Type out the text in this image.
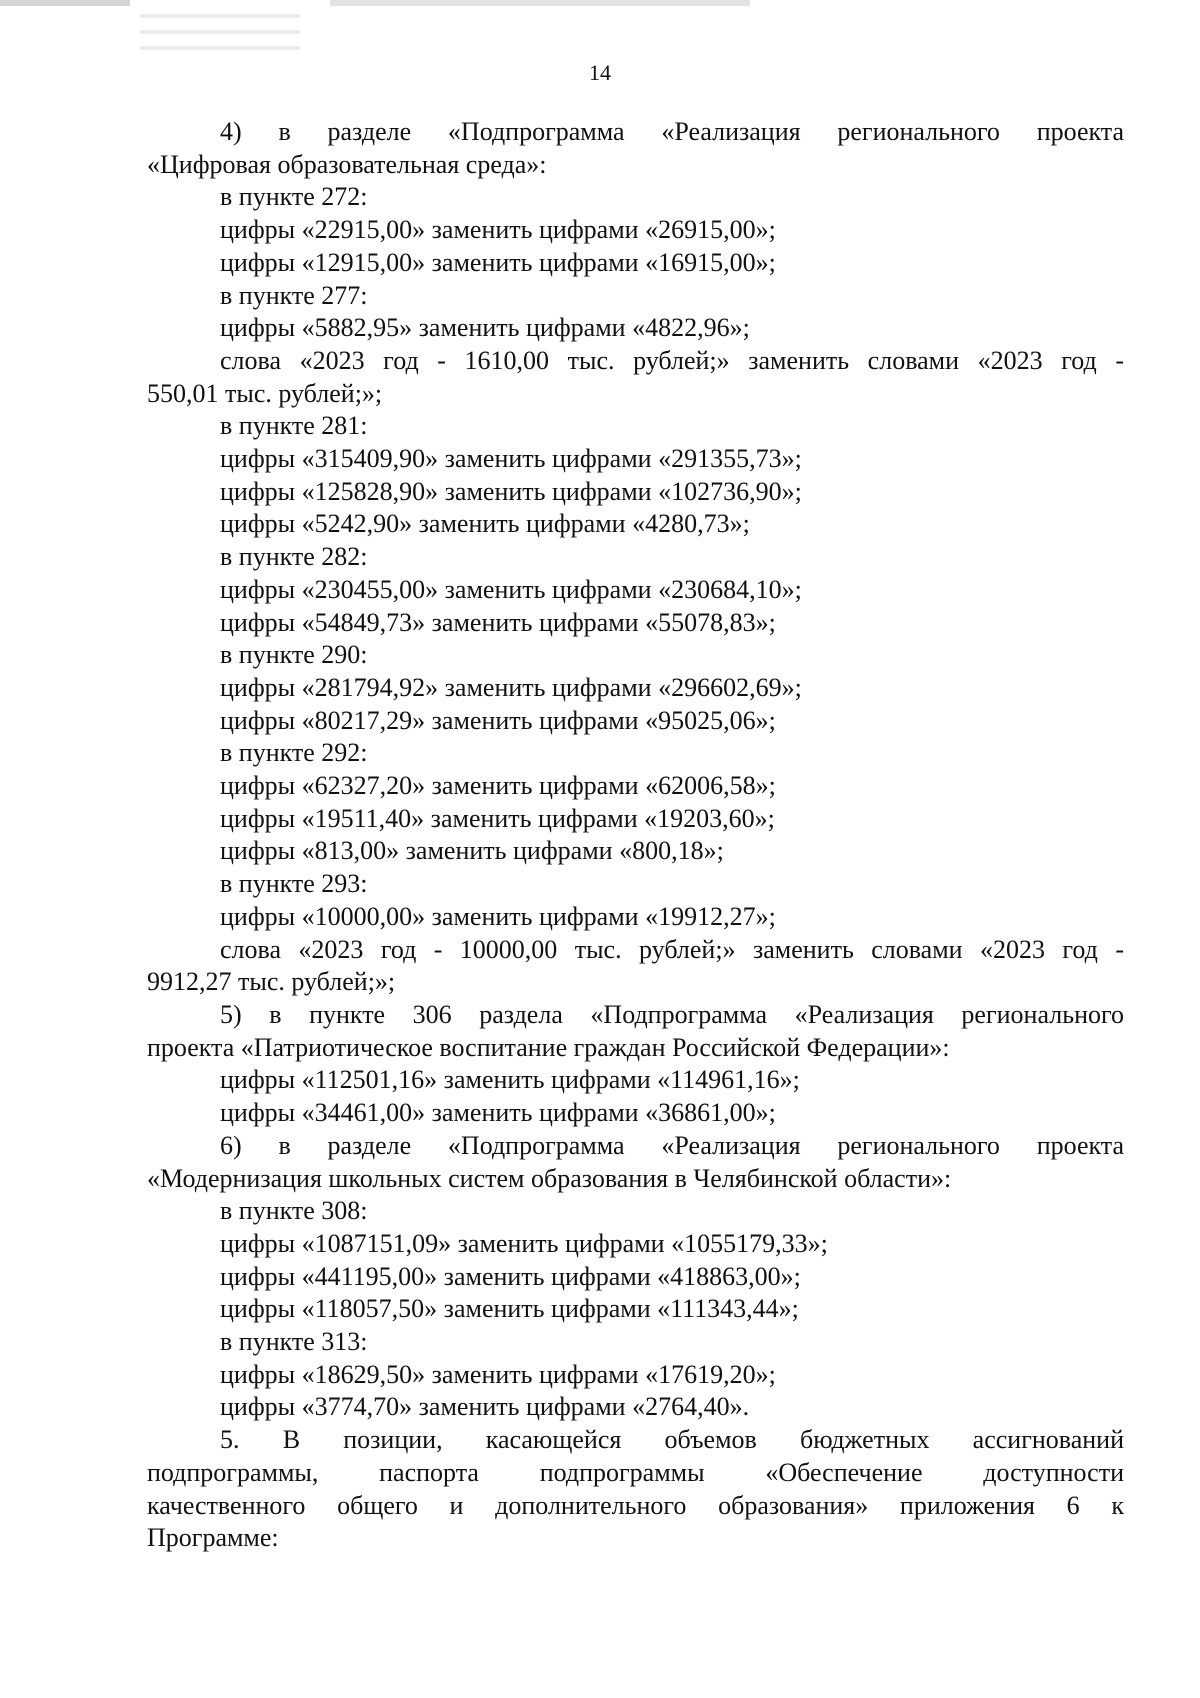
14
4) в разделе «Подпрограмма «Реализация регионального проекта
«Цифровая образовательная среда»:
в пункте 272:
цифры «22915,00» заменить цифрами «26915,00»;
цифры «12915,00» заменить цифрами «16915,00»;
в пункте 277:
цифры «5882,95» заменить цифрами «4822,96»;
слова «2023 год - 1610,00 тыс. рублей;» заменить словами «2023 год -
550,01 тыс. рублей;»;
в пункте 281:
цифры «315409,90» заменить цифрами «291355,73»;
цифры «125828,90» заменить цифрами «102736,90»;
цифры «5242,90» заменить цифрами «4280,73»;
в пункте 282:
цифры «230455,00» заменить цифрами «230684,10»;
цифры «54849,73» заменить цифрами «55078,83»;
в пункте 290:
цифры «281794,92» заменить цифрами «296602,69»;
цифры «80217,29» заменить цифрами «95025,06»;
в пункте 292:
цифры «62327,20» заменить цифрами «62006,58»;
цифры «19511,40» заменить цифрами «19203,60»;
цифры «813,00» заменить цифрами «800,18»;
в пункте 293:
цифры «10000,00» заменить цифрами «19912,27»;
слова «2023 год - 10000,00 тыс. рублей;» заменить словами «2023 год -
9912,27 тыс. рублей;»;
5) в пункте 306 раздела «Подпрограмма «Реализация регионального
проекта «Патриотическое воспитание граждан Российской Федерации»:
цифры «112501,16» заменить цифрами «114961,16»;
цифры «34461,00» заменить цифрами «36861,00»;
6) в разделе «Подпрограмма «Реализация регионального проекта
«Модернизация школьных систем образования в Челябинской области»:
в пункте 308:
цифры «1087151,09» заменить цифрами «1055179,33»;
цифры «441195,00» заменить цифрами «418863,00»;
цифры «118057,50» заменить цифрами «111343,44»;
в пункте 313:
цифры «18629,50» заменить цифрами «17619,20»;
цифры «3774,70» заменить цифрами «2764,40».
5. В позиции, касающейся объемов бюджетных ассигнований
подпрограммы, паспорта подпрограммы «Обеспечение доступности
качественного общего и дополнительного образования» приложения 6 к
Программе:
